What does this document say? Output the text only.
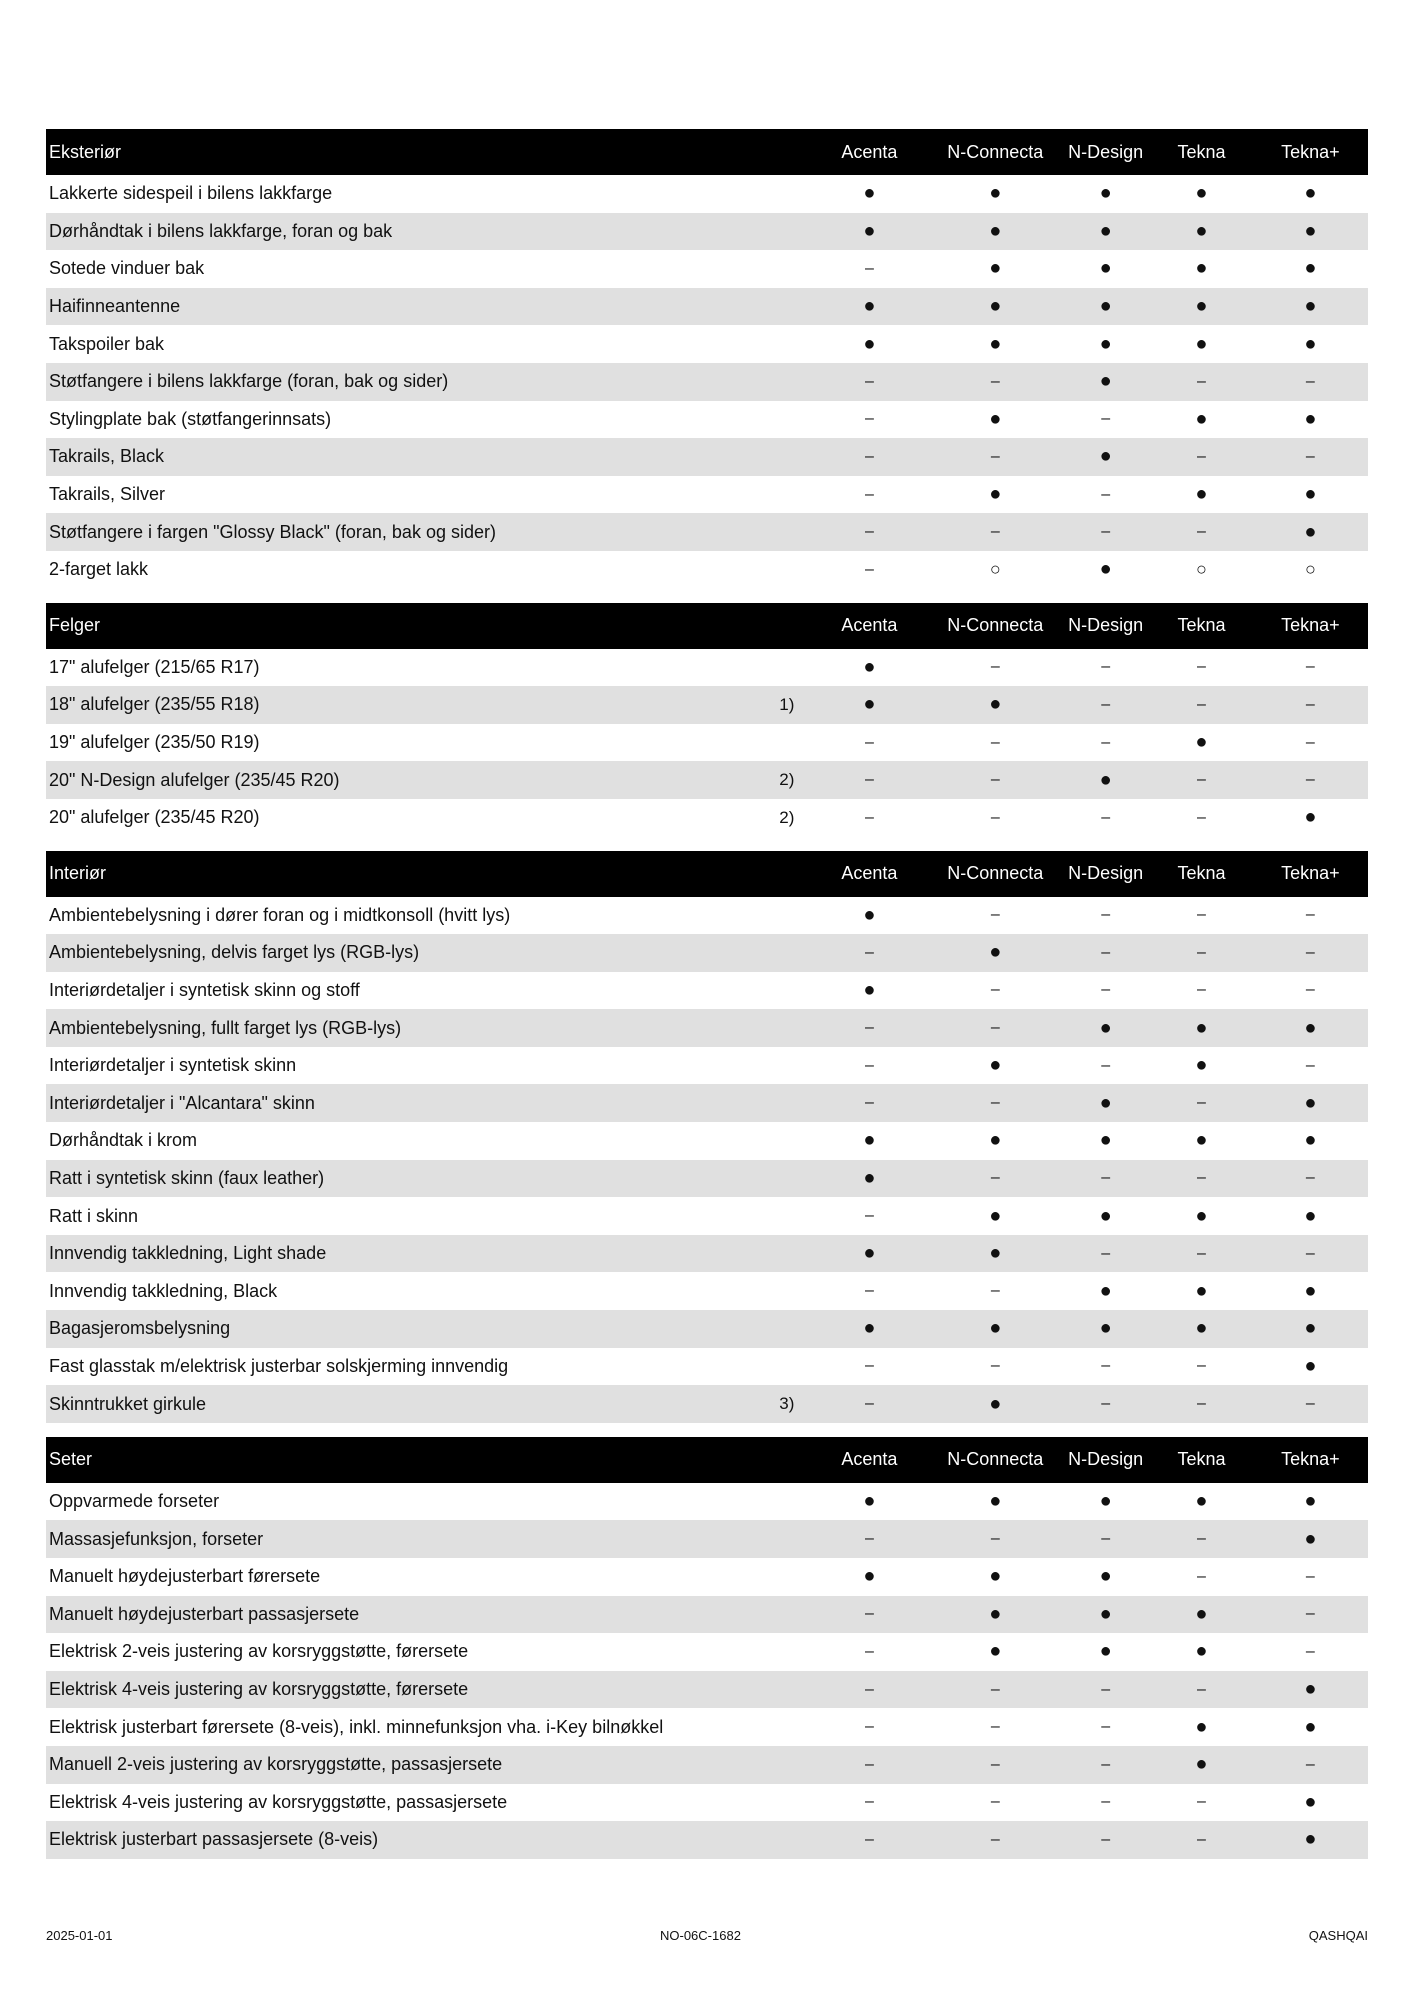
Eksteriør	Acenta	N-Connecta	N-Design	Tekna	Tekna+
Lakkerte sidespeil i bilens lakkfarge	●	●	●	●	●
Dørhåndtak i bilens lakkfarge, foran og bak	●	●	●	●	●
Sotede vinduer bak	–	●	●	●	●
Haifinneantenne	●	●	●	●	●
Takspoiler bak	●	●	●	●	●
Støtfangere i bilens lakkfarge (foran, bak og sider)	–	–	●	–	–
Stylingplate bak (støtfangerinnsats)	–	●	–	●	●
Takrails, Black	–	–	●	–	–
Takrails, Silver	–	●	–	●	●
Støtfangere i fargen "Glossy Black" (foran, bak og sider)	–	–	–	–	●
2-farget lakk	–	○	●	○	○
Felger	Acenta	N-Connecta	N-Design	Tekna	Tekna+
17" alufelger (215/65 R17)	●	–	–	–	–
18" alufelger (235/55 R18)	1)	●	●	–	–	–
19" alufelger (235/50 R19)	–	–	–	●	–
20" N-Design alufelger (235/45 R20)	2)	–	–	●	–	–
20" alufelger (235/45 R20)	2)	–	–	–	–	●
Interiør	Acenta	N-Connecta	N-Design	Tekna	Tekna+
Ambientebelysning i dører foran og i midtkonsoll (hvitt lys)	●	–	–	–	–
Ambientebelysning, delvis farget lys (RGB-lys)	–	●	–	–	–
Interiørdetaljer i syntetisk skinn og stoff	●	–	–	–	–
Ambientebelysning, fullt farget lys (RGB-lys)	–	–	●	●	●
Interiørdetaljer i syntetisk skinn	–	●	–	●	–
Interiørdetaljer i "Alcantara" skinn	–	–	●	–	●
Dørhåndtak i krom	●	●	●	●	●
Ratt i syntetisk skinn (faux leather)	●	–	–	–	–
Ratt i skinn	–	●	●	●	●
Innvendig takkledning, Light shade	●	●	–	–	–
Innvendig takkledning, Black	–	–	●	●	●
Bagasjeromsbelysning	●	●	●	●	●
Fast glasstak m/elektrisk justerbar solskjerming innvendig	–	–	–	–	●
Skinntrukket girkule	3)	–	●	–	–	–
Seter	Acenta	N-Connecta	N-Design	Tekna	Tekna+
Oppvarmede forseter	●	●	●	●	●
Massasjefunksjon, forseter	–	–	–	–	●
Manuelt høydejusterbart førersete	●	●	●	–	–
Manuelt høydejusterbart passasjersete	–	●	●	●	–
Elektrisk 2-veis justering av korsryggstøtte, førersete	–	●	●	●	–
Elektrisk 4-veis justering av korsryggstøtte, førersete	–	–	–	–	●
Elektrisk justerbart førersete (8-veis), inkl. minnefunksjon vha. i-Key bilnøkkel	–	–	–	●	●
Manuell 2-veis justering av korsryggstøtte, passasjersete	–	–	–	●	–
Elektrisk 4-veis justering av korsryggstøtte, passasjersete	–	–	–	–	●
Elektrisk justerbart passasjersete (8-veis)	–	–	–	–	●
2025-01-01	NO-06C-1682	QASHQAI
